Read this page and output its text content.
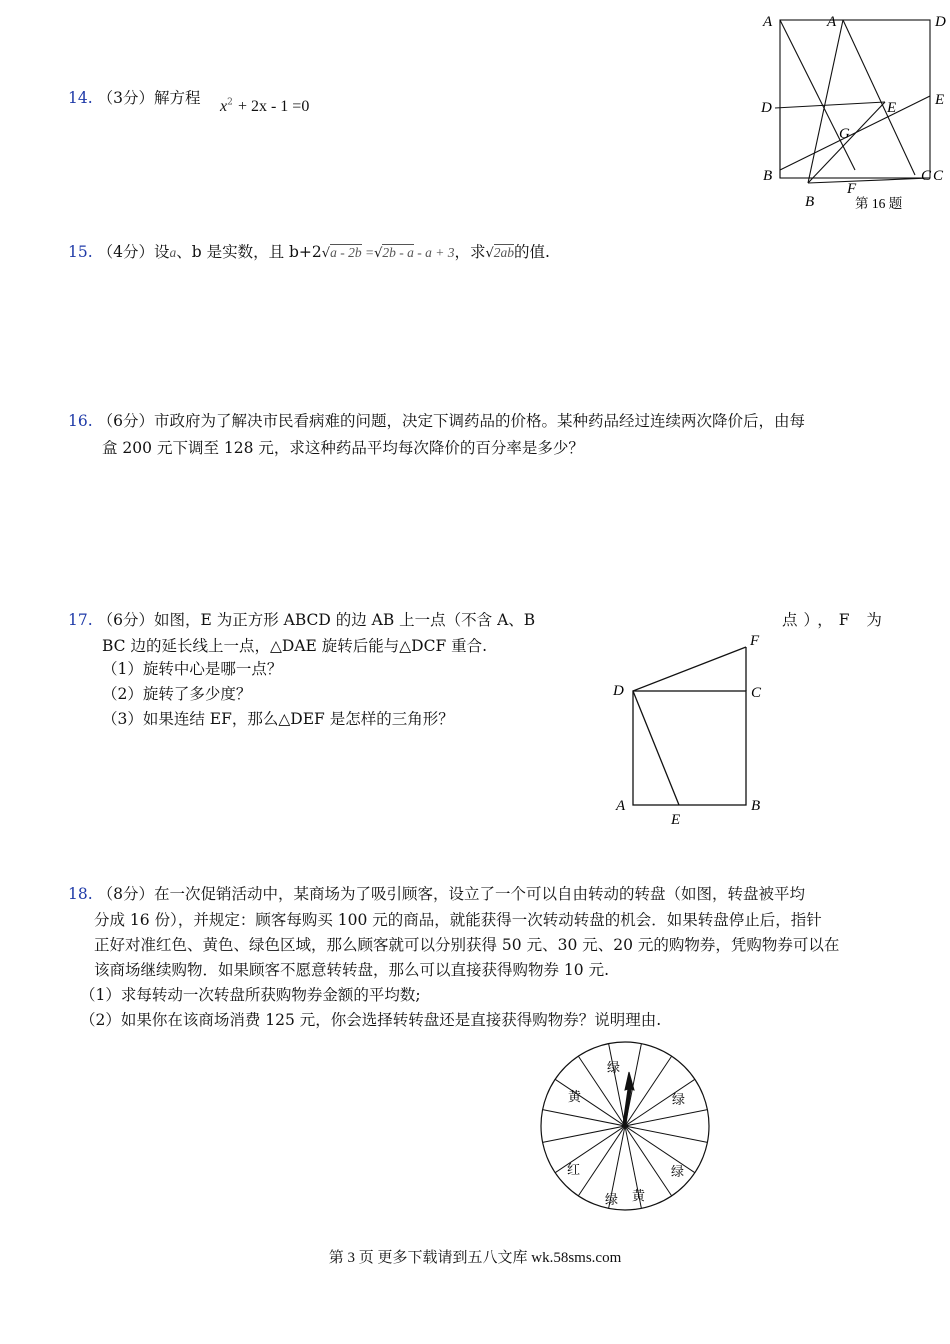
14. （3分）解方程 $x^2 + 2x - 1 =0$
A	A	D
D	E	E
G
B
B
C C
F
第 16 题
15. （4分）设a、b 是实数，且 b+2√a - 2b =√2b - a - a + 3，求√2ab的值.
16. （6分）市政府为了解决市民看病难的问题，决定下调药品的价格。某种药品经过连续两次降价后，由每
盒 200 元下调至 128 元，求这种药品平均每次降价的百分率是多少？
17. （6分）如图，E 为正方形 ABCD 的边 AB 上一点（不含 A、B	点），F 为
BC 边的延长线上一点，△DAE 旋转后能与△DCF 重合.
（1）旋转中心是哪一点？
（2）旋转了多少度？
（3）如果连结 EF，那么△DEF 是怎样的三角形？
F
D	C
A	B
E
18. （8分）在一次促销活动中，某商场为了吸引顾客，设立了一个可以自由转动的转盘（如图，转盘被平均
分成 16 份），并规定：顾客每购买 100 元的商品，就能获得一次转动转盘的机会．如果转盘停止后，指针
正好对准红色、黄色、绿色区域，那么顾客就可以分别获得 50 元、30 元、20 元的购物券，凭购物券可以在
该商场继续购物．如果顾客不愿意转转盘，那么可以直接获得购物券 10 元.
（1）求每转动一次转盘所获购物券金额的平均数;
（2）如果你在该商场消费 125 元，你会选择转转盘还是直接获得购物券？说明理由.
绿
绿
绿
黄
绿
红
黄
第 3 页 更多下载请到五八文库 wk.58sms.com
